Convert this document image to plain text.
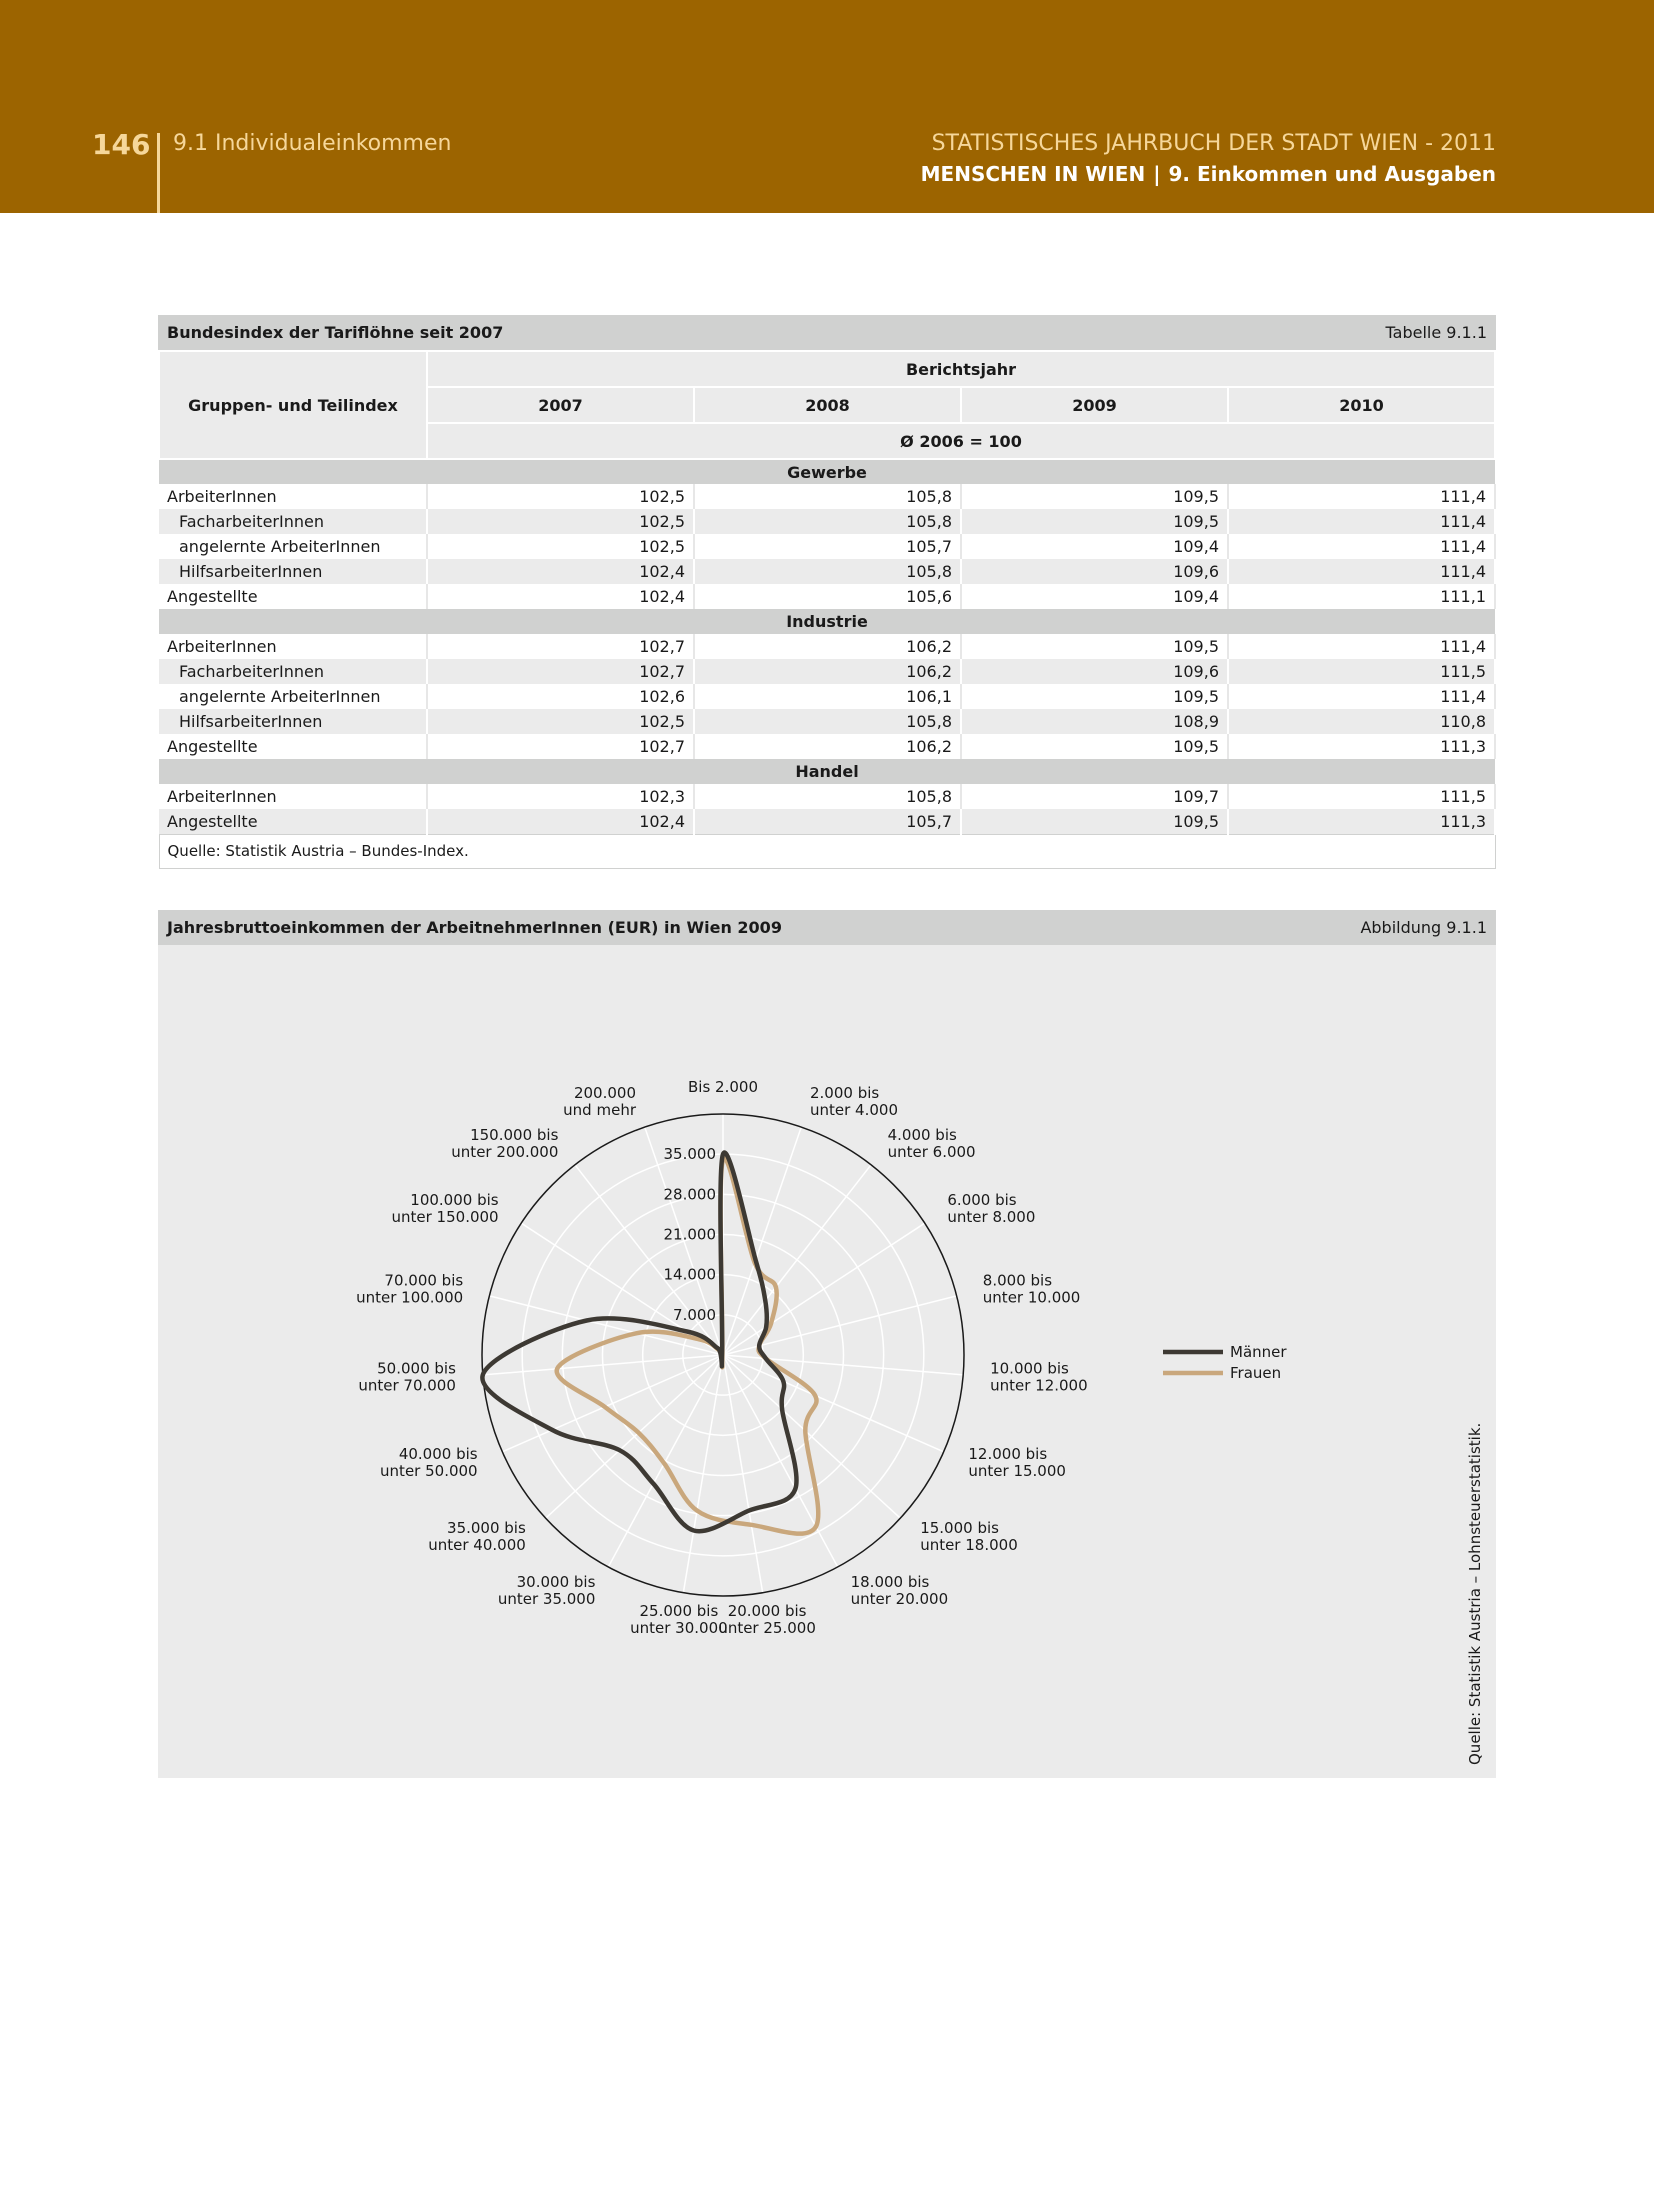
146 9.1 Individualeinkommen	STATISTISCHES JAHRBUCH DER STADT WIEN - 2011
MENSCHEN IN WIEN | 9. Einkommen und Ausgaben
Bundesindex der Tariflöhne seit 2007	Tabelle 9.1.1
Gruppen- und Teilindex	Berichtsjahr			
	2007	2008	2009	2010
	Ø 2006 = 100			
Gewerbe				
ArbeiterInnen	102,5	105,8	109,5	111,4
FacharbeiterInnen	102,5	105,8	109,5	111,4
angelernte ArbeiterInnen	102,5	105,7	109,4	111,4
HilfsarbeiterInnen	102,4	105,8	109,6	111,4
Angestellte	102,4	105,6	109,4	111,1
Industrie				
ArbeiterInnen	102,7	106,2	109,5	111,4
FacharbeiterInnen	102,7	106,2	109,6	111,5
angelernte ArbeiterInnen	102,6	106,1	109,5	111,4
HilfsarbeiterInnen	102,5	105,8	108,9	110,8
Angestellte	102,7	106,2	109,5	111,3
Handel				
ArbeiterInnen	102,3	105,8	109,7	111,5
Angestellte	102,4	105,7	109,5	111,3
Quelle: Statistik Austria – Bundes-Index.				
Jahresbruttoeinkommen der ArbeitnehmerInnen (EUR) in Wien 2009	Abbildung 9.1.1
7.000
14.000
21.000
28.000
35.000
Bis 2.000	2.000 bis
unter 4.000
4.000 bis
unter 6.000
6.000 bis
unter 8.000
8.000 bis
unter 10.000
10.000 bis
unter 12.000
12.000 bis
unter 15.000
15.000 bis
unter 18.000
18.000 bis
unter 20.000
20.000 bis
unter 25.000
25.000 bis
unter 30.000
30.000 bis
unter 35.000
35.000 bis
unter 40.000
40.000 bis
unter 50.000
50.000 bis
unter 70.000
70.000 bis
unter 100.000
100.000 bis
unter 150.000
150.000 bis
unter 200.000
200.000
und mehr
Männer
Frauen
Quelle: Statistik Austria – Lohnsteuerstatistik.
